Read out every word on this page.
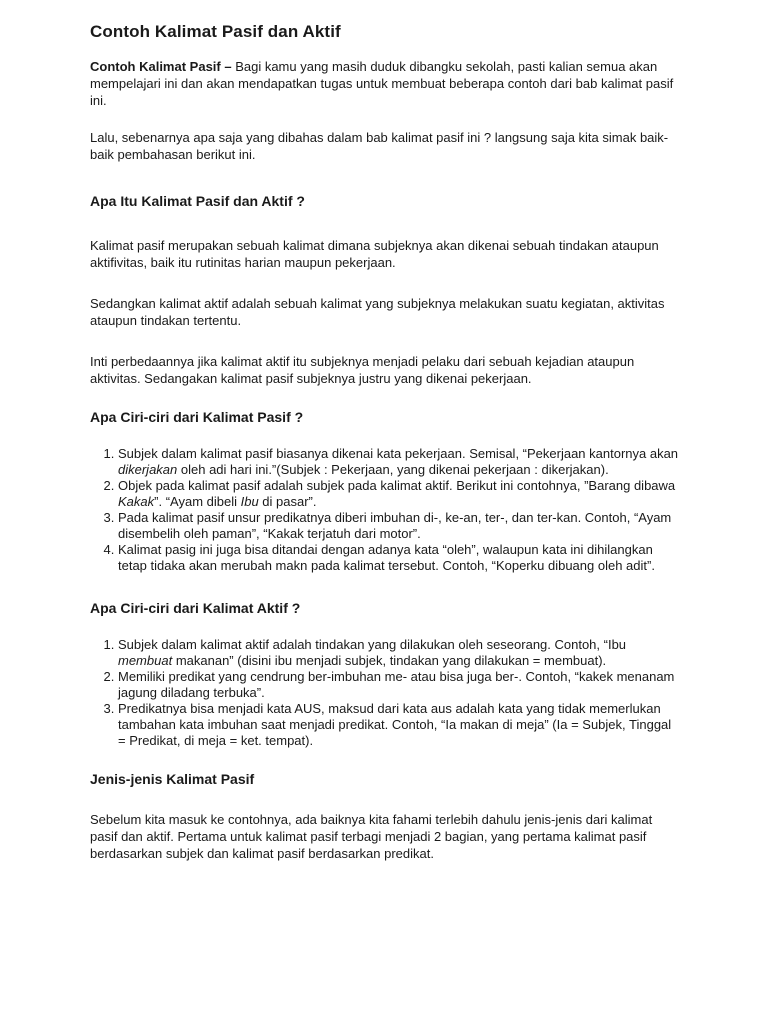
Contoh Kalimat Pasif dan Aktif

Contoh Kalimat Pasif – Bagi kamu yang masih duduk dibangku sekolah, pasti kalian semua akan mempelajari ini dan akan mendapatkan tugas untuk membuat beberapa contoh dari bab kalimat pasif ini.

Lalu, sebenarnya apa saja yang dibahas dalam bab kalimat pasif ini ? langsung saja kita simak baik-baik pembahasan berikut ini.

Apa Itu Kalimat Pasif dan Aktif ?

Kalimat pasif merupakan sebuah kalimat dimana subjeknya akan dikenai sebuah tindakan ataupun aktifivitas, baik itu rutinitas harian maupun pekerjaan.

Sedangkan kalimat aktif adalah sebuah kalimat yang subjeknya melakukan suatu kegiatan, aktivitas ataupun tindakan tertentu.

Inti perbedaannya jika kalimat aktif itu subjeknya menjadi pelaku dari sebuah kejadian ataupun aktivitas. Sedangakan kalimat pasif subjeknya justru yang dikenai pekerjaan.

Apa Ciri-ciri dari Kalimat Pasif ?
1. Subjek dalam kalimat pasif biasanya dikenai kata pekerjaan. Semisal, “Pekerjaan kantornya akan dikerjakan oleh adi hari ini.”(Subjek : Pekerjaan, yang dikenai pekerjaan : dikerjakan).
2. Objek pada kalimat pasif adalah subjek pada kalimat aktif. Berikut ini contohnya, ”Barang dibawa Kakak”. “Ayam dibeli Ibu di pasar”.
3. Pada kalimat pasif unsur predikatnya diberi imbuhan di-, ke-an, ter-, dan ter-kan. Contoh, “Ayam disembelih oleh paman”, “Kakak terjatuh dari motor”.
4. Kalimat pasig ini juga bisa ditandai dengan adanya kata “oleh”, walaupun kata ini dihilangkan tetap tidaka akan merubah makn pada kalimat tersebut. Contoh, “Koperku dibuang oleh adit”.
Apa Ciri-ciri dari Kalimat Aktif ?
1. Subjek dalam kalimat aktif adalah tindakan yang dilakukan oleh seseorang. Contoh, “Ibu membuat makanan” (disini ibu menjadi subjek, tindakan yang dilakukan = membuat).
2. Memiliki predikat yang cendrung ber-imbuhan me- atau bisa juga ber-. Contoh, “kakek menanam jagung diladang terbuka”.
3. Predikatnya bisa menjadi kata AUS, maksud dari kata aus adalah kata yang tidak memerlukan tambahan kata imbuhan saat menjadi predikat. Contoh, “Ia makan di meja” (Ia = Subjek, Tinggal = Predikat, di meja = ket. tempat).
Jenis-jenis Kalimat Pasif

Sebelum kita masuk ke contohnya, ada baiknya kita fahami terlebih dahulu jenis-jenis dari kalimat pasif dan aktif. Pertama untuk kalimat pasif terbagi menjadi 2 bagian, yang pertama kalimat pasif berdasarkan subjek dan kalimat pasif berdasarkan predikat.
